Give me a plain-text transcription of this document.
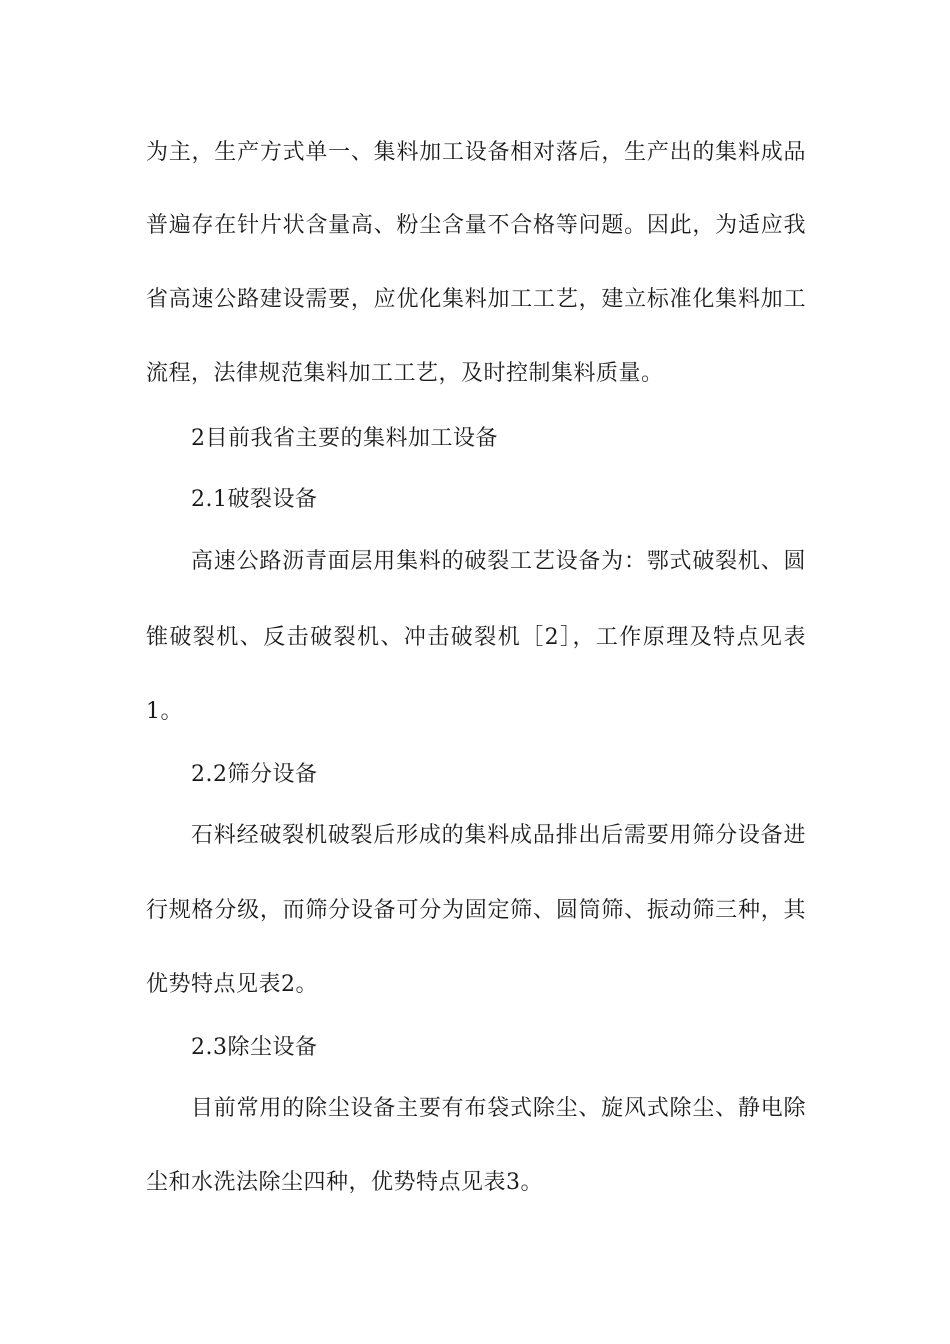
为主，生产方式单一、集料加工设备相对落后，生产出的集料成品
普遍存在针片状含量高、粉尘含量不合格等问题。因此，为适应我
省高速公路建设需要，应优化集料加工工艺，建立标准化集料加工
流程，法律规范集料加工工艺，及时控制集料质量。
2目前我省主要的集料加工设备
2.1破裂设备
高速公路沥青面层用集料的破裂工艺设备为：鄂式破裂机、圆
锥破裂机、反击破裂机、冲击破裂机［2］，工作原理及特点见表
1。
2.2筛分设备
石料经破裂机破裂后形成的集料成品排出后需要用筛分设备进
行规格分级，而筛分设备可分为固定筛、圆筒筛、振动筛三种，其
优势特点见表2。
2.3除尘设备
目前常用的除尘设备主要有布袋式除尘、旋风式除尘、静电除
尘和水洗法除尘四种，优势特点见表3。
